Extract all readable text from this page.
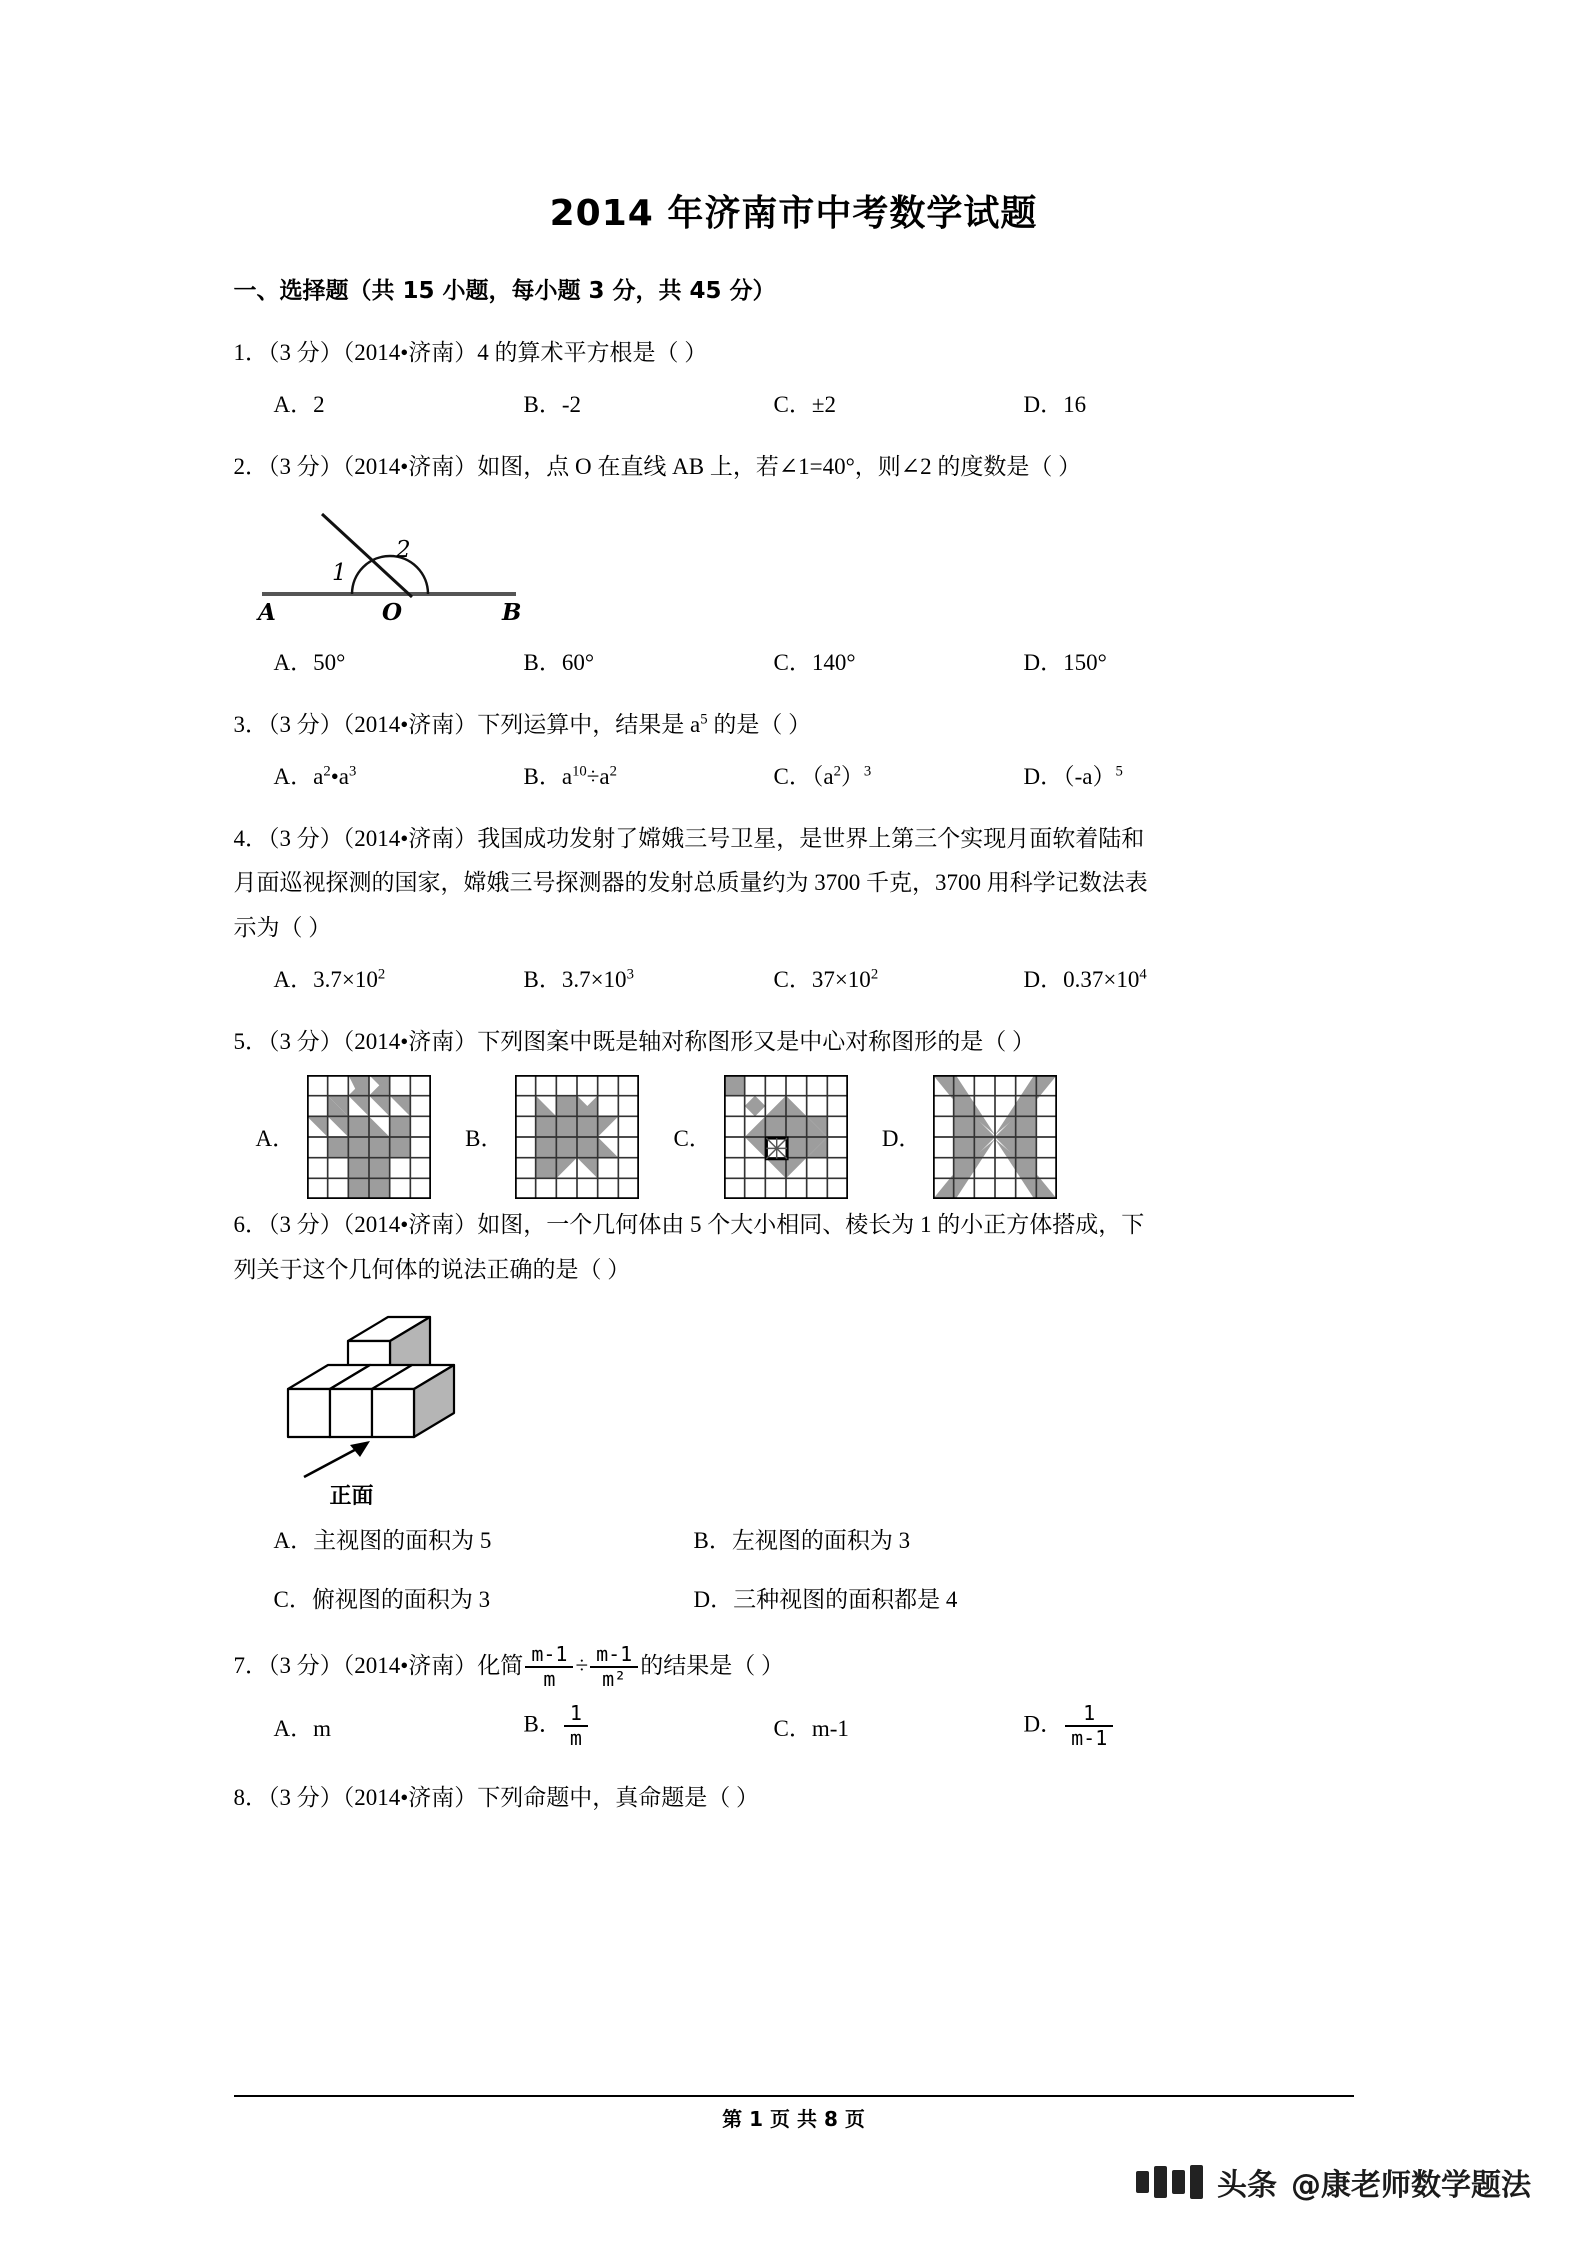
2014 年济南市中考数学试题
一、选择题（共 15 小题，每小题 3 分，共 45 分）
1．（3 分）（2014•济南）4 的算术平方根是（ ）
A．2	B．‐2	C．±2	D．16
2．（3 分）（2014•济南）如图，点 O 在直线 AB 上，若∠1=40°，则∠2 的度数是（ ）
1
2
A	O	B
A．50°	B．60°	C．140°	D．150°
3．（3 分）（2014•济南）下列运算中，结果是 $a^5$ 的是（ ）
A．$a^2•a^3$	B．$a^{10}\div a^2$	C．$(a^2)^3$	D．（‐a）$^5$
4．（3 分）（2014•济南）我国成功发射了嫦娥三号卫星，是世界上第三个实现月面软着陆和
月面巡视探测的国家，嫦娥三号探测器的发射总质量约为 3700 千克，3700 用科学记数法表
示为（ ）
A．$3.7\times 10^2$	B．$3.7\times 10^3$	C．$37\times 10^2$	D．$0.37\times 10^4$
5．（3 分）（2014•济南）下列图案中既是轴对称图形又是中心对称图形的是（ ）
A．	B．	C．	D．
6．（3 分）（2014•济南）如图，一个几何体由 5 个大小相同、棱长为 1 的小正方体搭成，下
列关于这个几何体的说法正确的是（ ）
正面
A．主视图的面积为 5	B．左视图的面积为 3
C．俯视图的面积为 3	D．三种视图的面积都是 4
7．（3 分）（2014•济南）化简 $\frac{m‐1}{m} \div \frac{m‐1}{\text{m²}}$ 的结果是（ ）
A．m	B． $\frac{1}{m}$	C．m‐1	D． $\frac{1}{m‐1}$
8．（3 分）（2014•济南）下列命题中，真命题是（ ）
第 1 页 共 8 页
头条 @康老师数学题法
